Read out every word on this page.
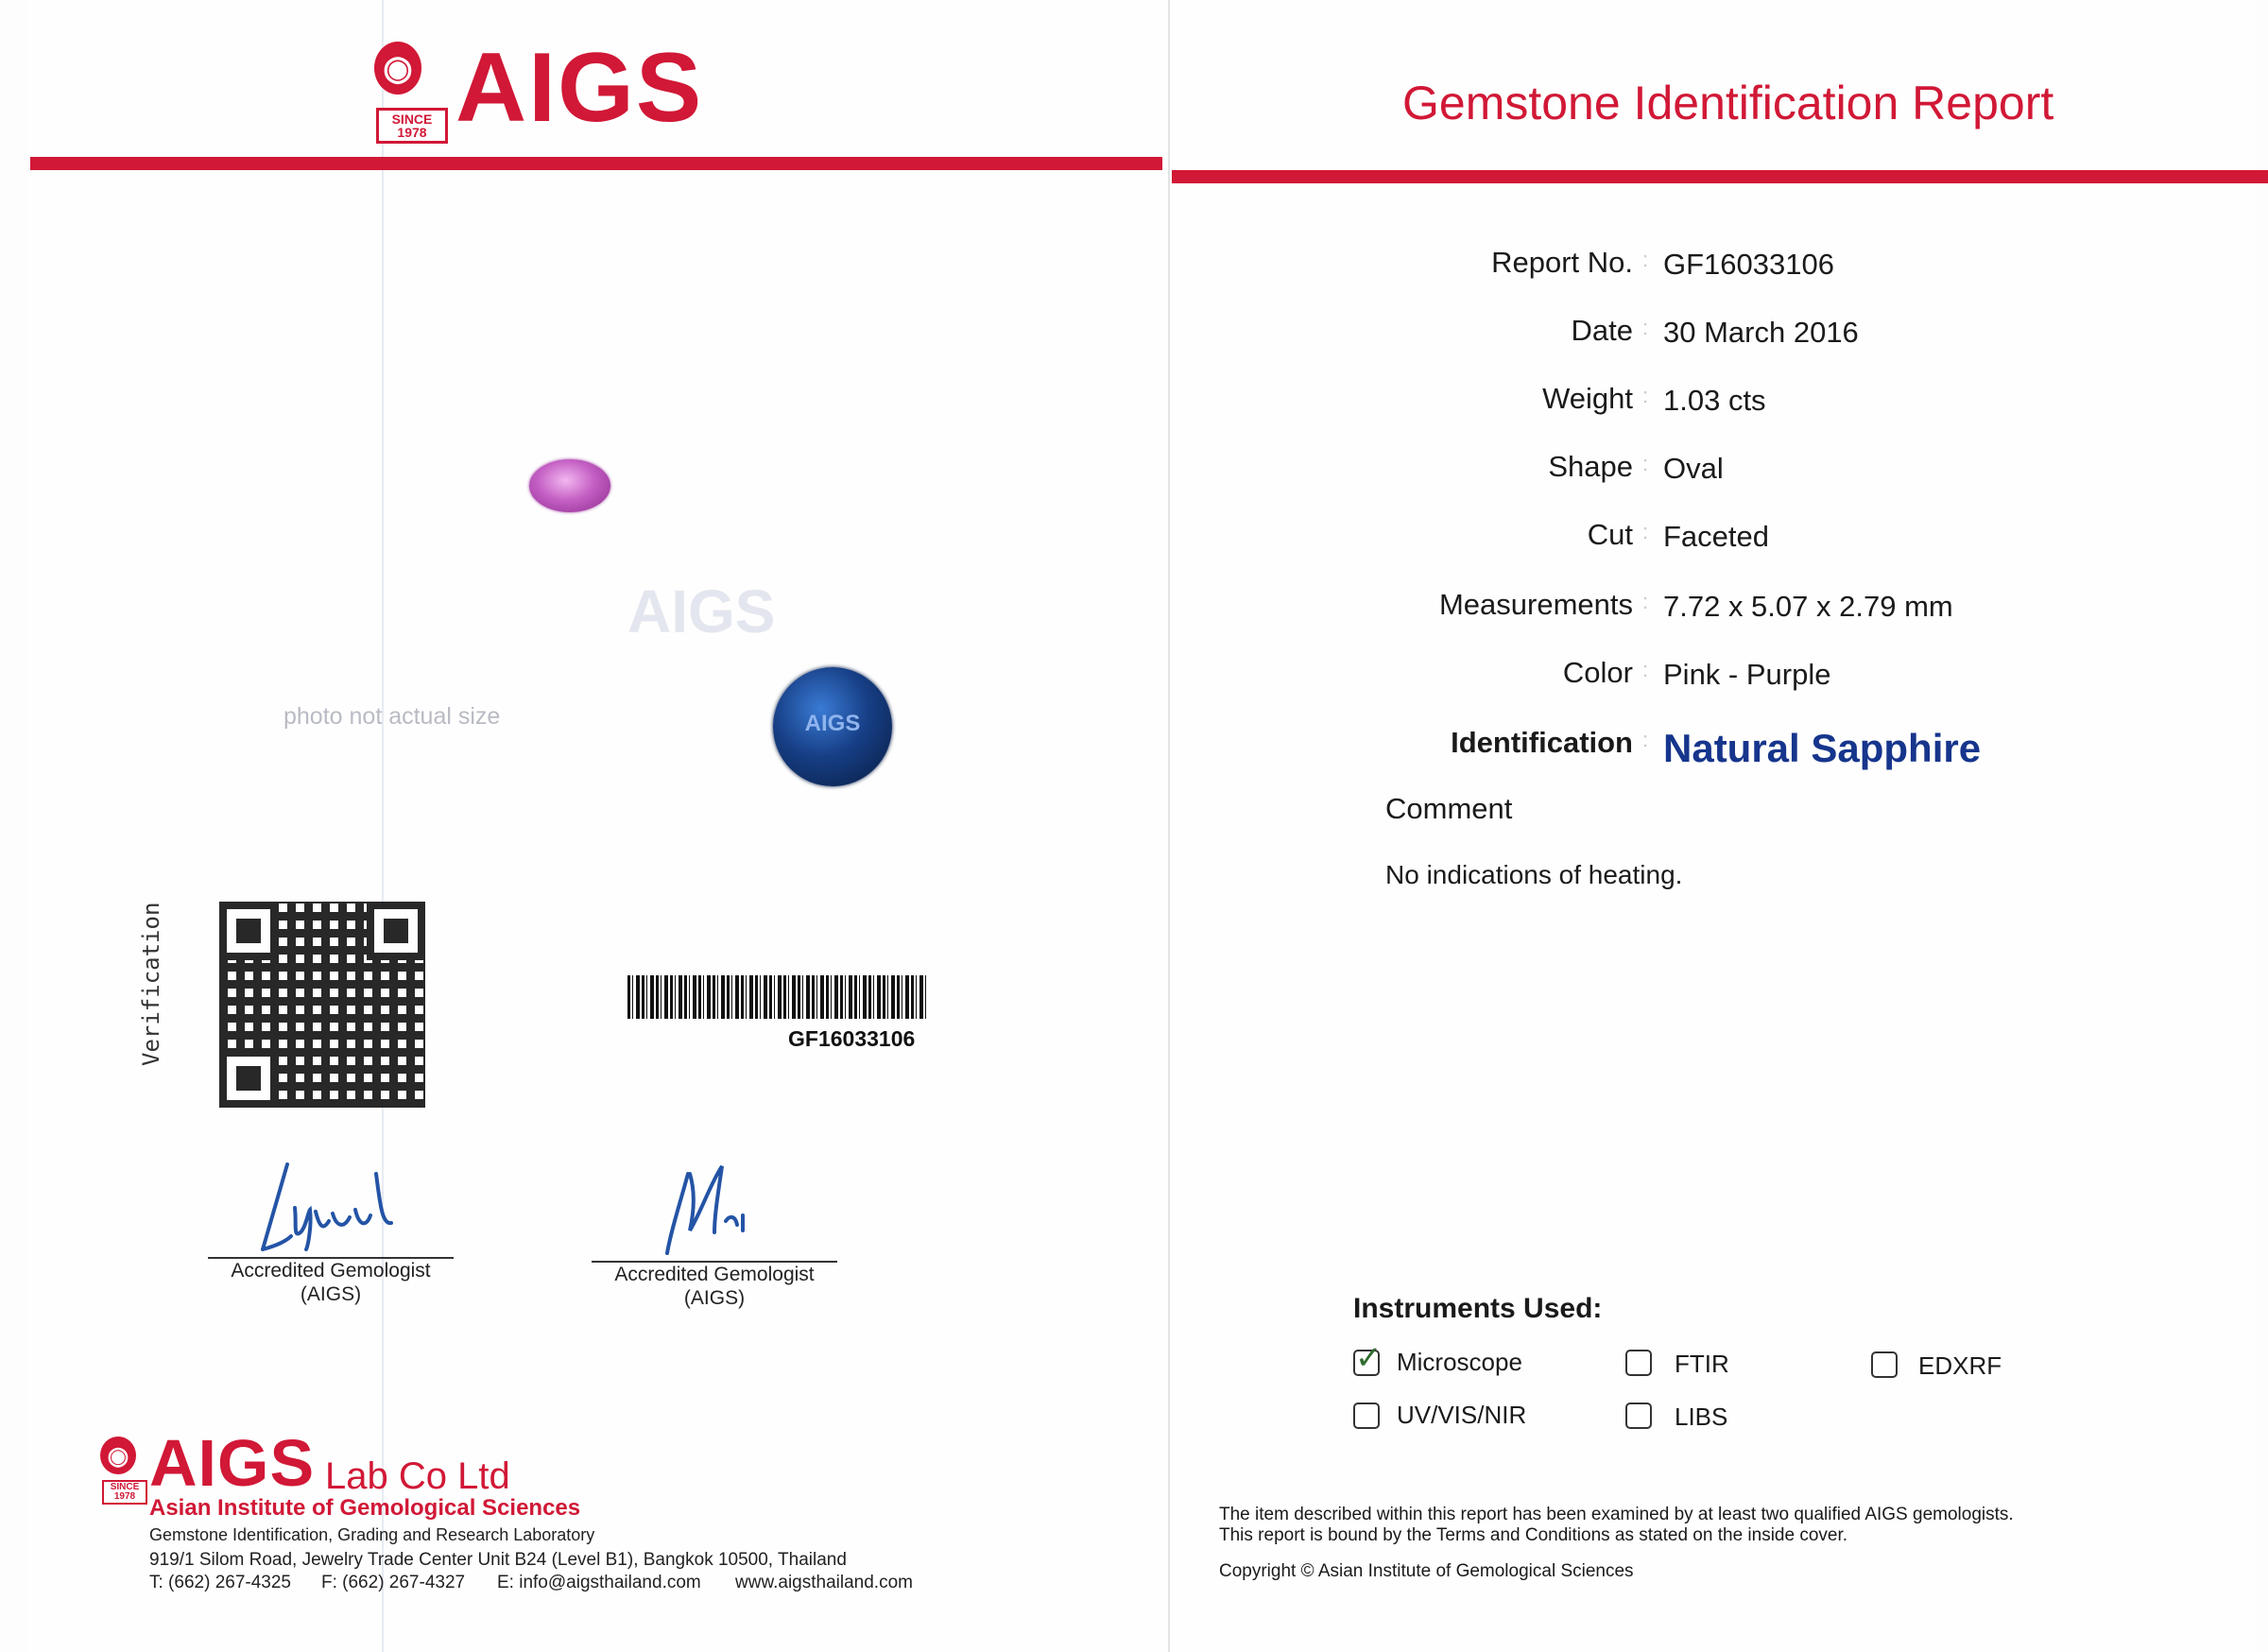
◉
SINCE
1978 AIGS	Gemstone Identification Report
AIGS
photo not actual size	AIGS
Verification	GF16033106
Accredited Gemologist
(AIGS)
Accredited Gemologist
(AIGS)
◉
SINCE
1978 AIGS Lab Co Ltd
Asian Institute of Gemological Sciences
Gemstone Identification, Grading and Research Laboratory
919/1 Silom Road, Jewelry Trade Center Unit B24 (Level B1), Bangkok 10500, Thailand
T: (662) 267-4325 F: (662) 267-4327 E: info@aigsthailand.com www.aigsthailand.com
Report No. : GF16033106
Date : 30 March 2016
Weight : 1.03 cts
Shape : Oval
Cut : Faceted
Measurements : 7.72 x 5.07 x 2.79 mm
Color : Pink - Purple
Identification : Natural Sapphire
Comment
No indications of heating.
Instruments Used:
✓ Microscope	FTIR	EDXRF
UV/VIS/NIR	LIBS
The item described within this report has been examined by at least two qualified AIGS gemologists.
This report is bound by the Terms and Conditions as stated on the inside cover.
Copyright © Asian Institute of Gemological Sciences
